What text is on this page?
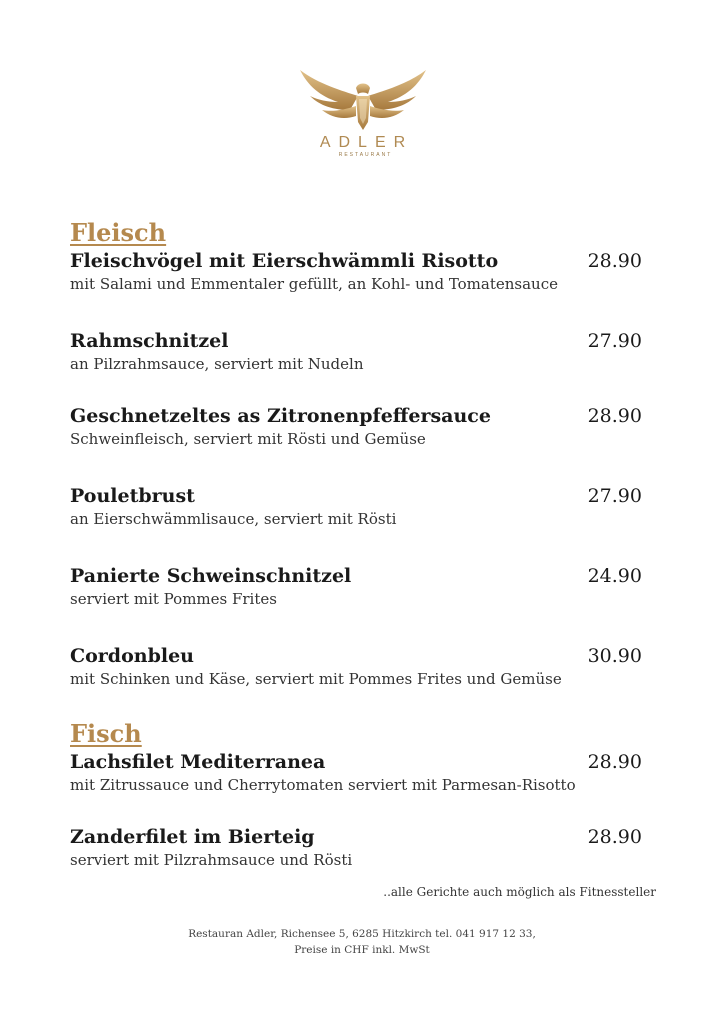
ADLER
RESTAURANT
Fleisch
Fleischvögel mit Eierschwämmli Risotto	28.90
mit Salami und Emmentaler gefüllt, an Kohl- und Tomatensauce
Rahmschnitzel	27.90
an Pilzrahmsauce, serviert mit Nudeln
Geschnetzeltes as Zitronenpfeffersauce	28.90
Schweinfleisch, serviert mit Rösti und Gemüse
Pouletbrust	27.90
an Eierschwämmlisauce, serviert mit Rösti
Panierte Schweinschnitzel	24.90
serviert mit Pommes Frites
Cordonbleu	30.90
mit Schinken und Käse, serviert mit Pommes Frites und Gemüse
Fisch
Lachsfilet Mediterranea	28.90
mit Zitrussauce und Cherrytomaten serviert mit Parmesan-Risotto
Zanderfilet im Bierteig	28.90
serviert mit Pilzrahmsauce und Rösti
..alle Gerichte auch möglich als Fitnessteller
Restauran Adler, Richensee 5, 6285 Hitzkirch tel. 041 917 12 33,
Preise in CHF inkl. MwSt
